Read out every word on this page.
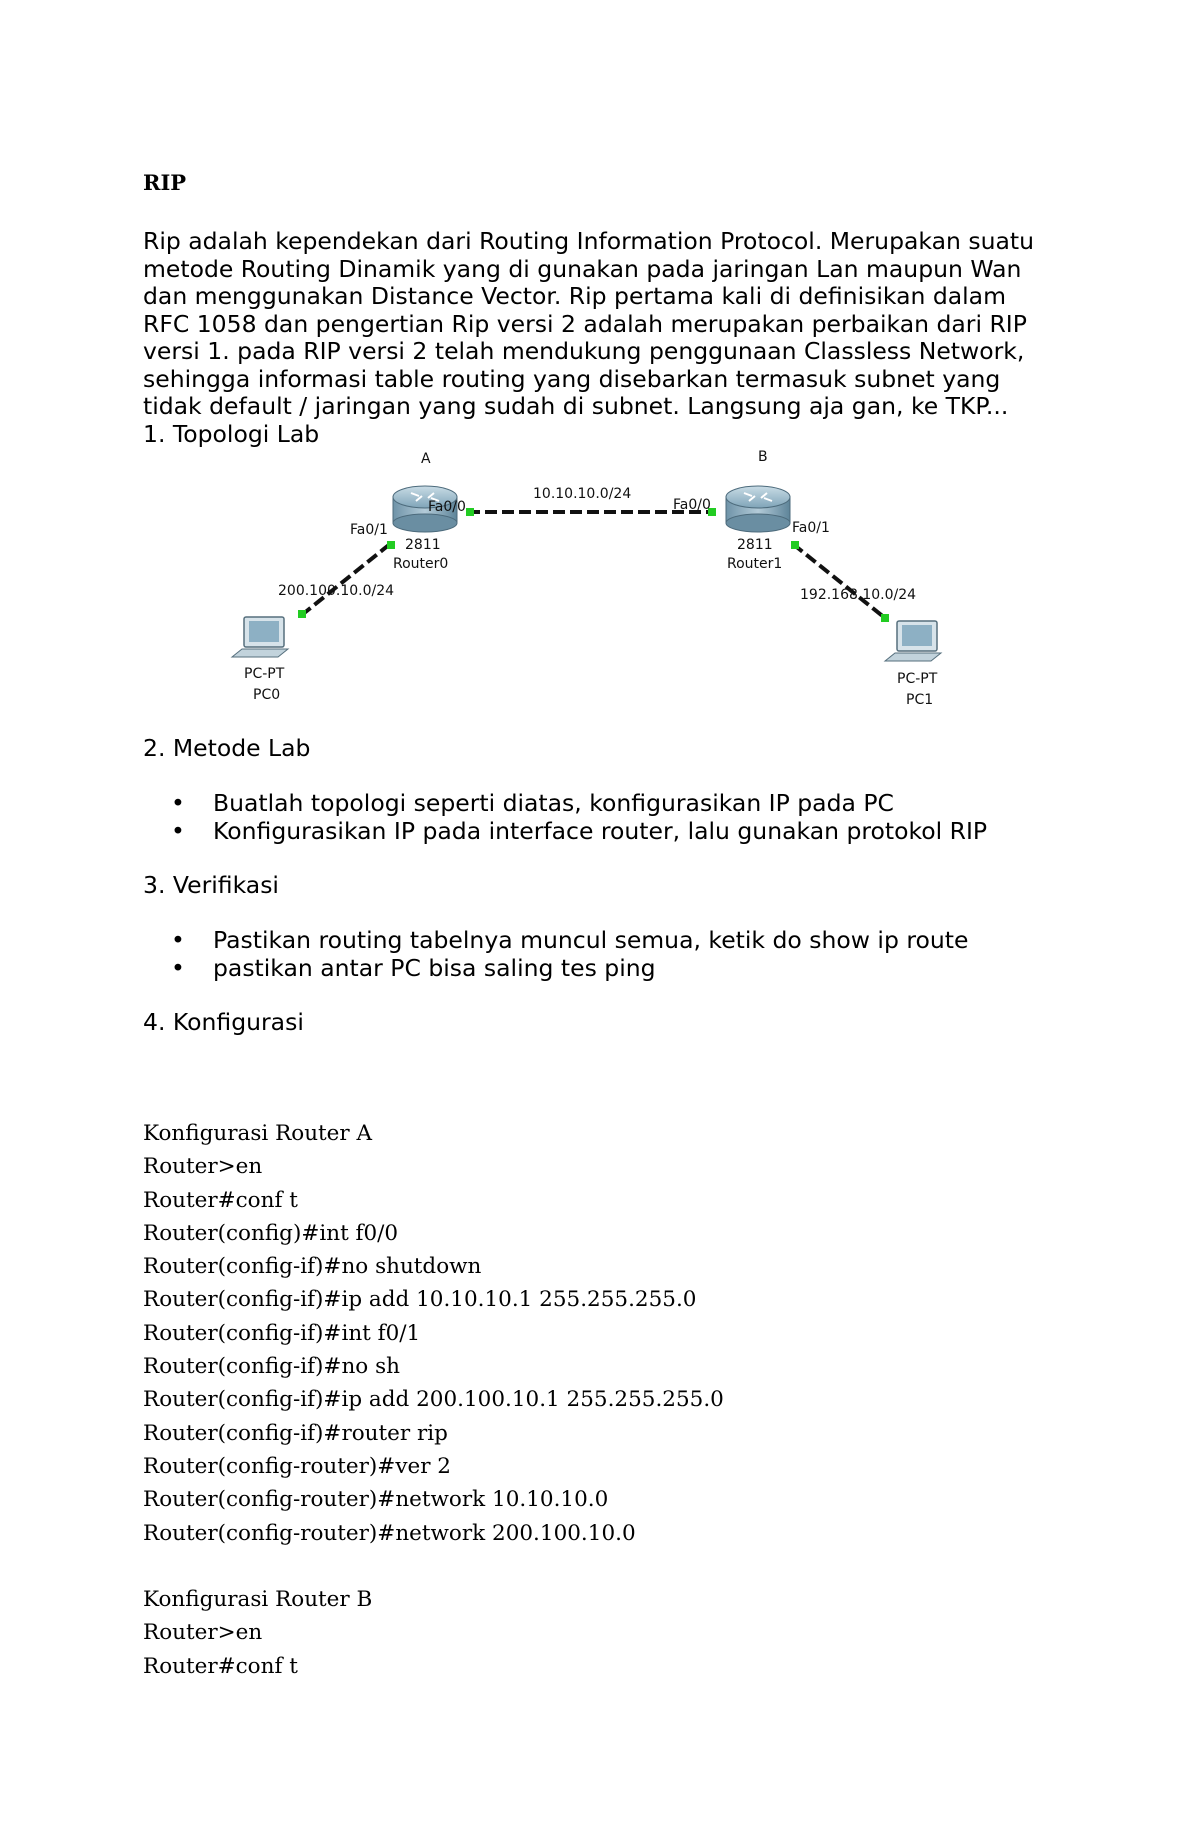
RIP
Rip adalah kependekan dari Routing Information Protocol. Merupakan suatu
metode Routing Dinamik yang di gunakan pada jaringan Lan maupun Wan
dan menggunakan Distance Vector. Rip pertama kali di definisikan dalam
RFC 1058 dan pengertian Rip versi 2 adalah merupakan perbaikan dari RIP
versi 1. pada RIP versi 2 telah mendukung penggunaan Classless Network,
sehingga informasi table routing yang disebarkan termasuk subnet yang
tidak default / jaringan yang sudah di subnet. Langsung aja gan, ke TKP...
1. Topologi Lab
A	B
10.10.10.0/24
Fa0/0	Fa0/0
Fa0/1	Fa0/1
2811	2811
Router0	Router1
200.100.10.0/24	192.168.10.0/24
PC-PT
PC0
PC-PT
PC1
2. Metode Lab
• Buatlah topologi seperti diatas, konfigurasikan IP pada PC
• Konfigurasikan IP pada interface router, lalu gunakan protokol RIP
3. Verifikasi
• Pastikan routing tabelnya muncul semua, ketik do show ip route
• pastikan antar PC bisa saling tes ping
4. Konfigurasi
Konfigurasi Router A
Router>en
Router#conf t
Router(config)#int f0/0
Router(config-if)#no shutdown
Router(config-if)#ip add 10.10.10.1 255.255.255.0
Router(config-if)#int f0/1
Router(config-if)#no sh
Router(config-if)#ip add 200.100.10.1 255.255.255.0
Router(config-if)#router rip
Router(config-router)#ver 2
Router(config-router)#network 10.10.10.0
Router(config-router)#network 200.100.10.0
Konfigurasi Router B
Router>en
Router#conf t
